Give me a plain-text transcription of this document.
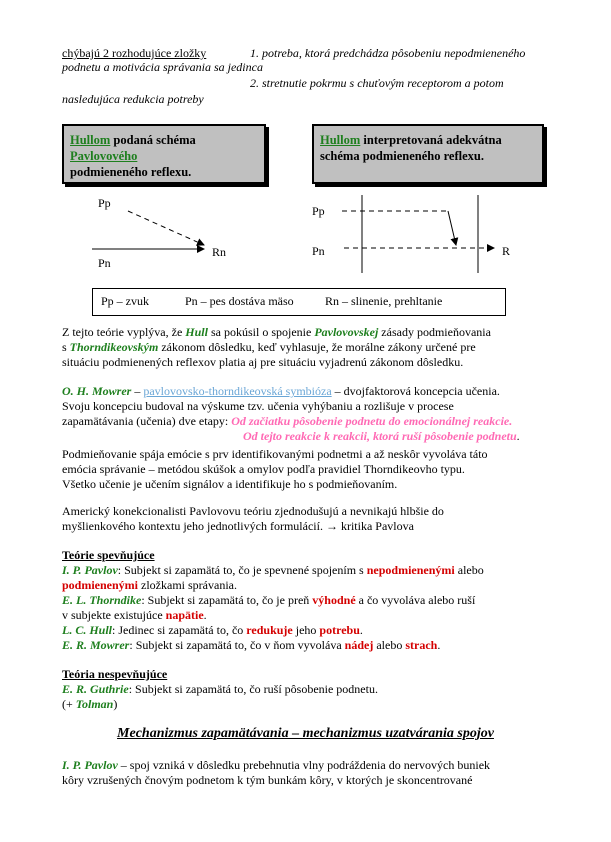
chýbajú 2 rozhodujúce zložky	1. potreba, ktorá predchádza pôsobeniu nepodmieneného
podnetu a motivácia správania sa jedinca
2. stretnutie pokrmu s chuťovým receptorom a potom
nasledujúca redukcia potreby
Hullom podaná schéma Pavlovového
podmieneného reflexu.
Hullom interpretovaná adekvátna
schéma podmieneného reflexu.
Pp
Rn
Pn
Pp
Pn	R
Pp – zvuk	Pn – pes dostáva mäso	Rn – slinenie, prehltanie
Z tejto teórie vyplýva, že Hull sa pokúsil o spojenie Pavlovovskej zásady podmieňovania
s Thorndikeovským zákonom dôsledku, keď vyhlasuje, že morálne zákony určené pre
situáciu podmienených reflexov platia aj pre situáciu vyjadrenú zákonom dôsledku.
O. H. Mowrer – pavlovovsko-thorndikeovská symbióza – dvojfaktorová koncepcia učenia.
Svoju koncepciu budoval na výskume tzv. učenia vyhýbaniu a rozlišuje v procese
zapamätávania (učenia) dve etapy: Od začiatku pôsobenie podnetu do emocionálnej reakcie.
Od tejto reakcie k reakcii, ktorá ruší pôsobenie podnetu.
Podmieňovanie spája emócie s prv identifikovanými podnetmi a až neskôr vyvoláva táto
emócia správanie – metódou skúšok a omylov podľa pravidiel Thorndikeovho typu.
Všetko učenie je učením signálov a identifikuje ho s podmieňovaním.
Americký konekcionalisti Pavlovovu teóriu zjednodušujú a nevnikajú hlbšie do
myšlienkového kontextu jeho jednotlivých formulácií. → kritika Pavlova
Teórie spevňujúce
I. P. Pavlov: Subjekt si zapamätá to, čo je spevnené spojením s nepodmienenými alebo
podmienenými zložkami správania.
E. L. Thorndike: Subjekt si zapamätá to, čo je preň výhodné a čo vyvoláva alebo ruší
v subjekte existujúce napätie.
L. C. Hull: Jedinec si zapamätá to, čo redukuje jeho potrebu.
E. R. Mowrer: Subjekt si zapamätá to, čo v ňom vyvoláva nádej alebo strach.
Teória nespevňujúce
E. R. Guthrie: Subjekt si zapamätá to, čo ruší pôsobenie podnetu.
(+ Tolman)
Mechanizmus zapamätávania – mechanizmus uzatvárania spojov
I. P. Pavlov – spoj vzniká v dôsledku prebehnutia vlny podráždenia do nervových buniek
kôry vzrušených čnovým podnetom k tým bunkám kôry, v ktorých je skoncentrované
